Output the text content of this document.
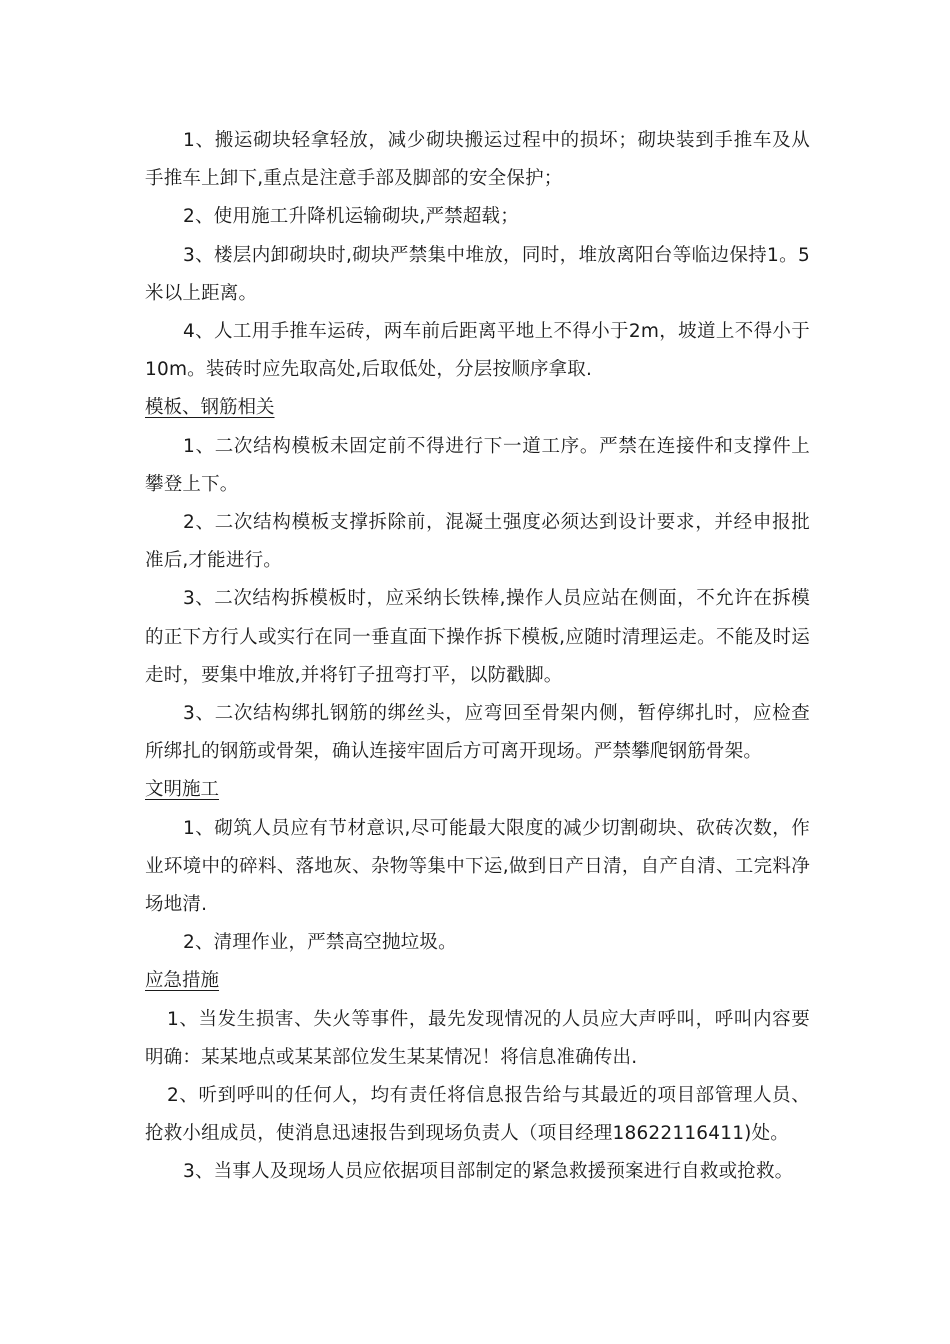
1、搬运砌块轻拿轻放，减少砌块搬运过程中的损坏；砌块装到手推车及从手推车上卸下,重点是注意手部及脚部的安全保护；

2、使用施工升降机运输砌块,严禁超载；

3、楼层内卸砌块时,砌块严禁集中堆放，同时，堆放离阳台等临边保持1。5米以上距离。

4、人工用手推车运砖，两车前后距离平地上不得小于2m，坡道上不得小于10m。装砖时应先取高处,后取低处，分层按顺序拿取.

模板、钢筋相关

1、二次结构模板未固定前不得进行下一道工序。严禁在连接件和支撑件上攀登上下。

2、二次结构模板支撑拆除前，混凝土强度必须达到设计要求，并经申报批准后,才能进行。

3、二次结构拆模板时，应采纳长铁棒,操作人员应站在侧面，不允许在拆模的正下方行人或实行在同一垂直面下操作拆下模板,应随时清理运走。不能及时运走时，要集中堆放,并将钉子扭弯打平，以防戳脚。

3、二次结构绑扎钢筋的绑丝头，应弯回至骨架内侧，暂停绑扎时，应检查所绑扎的钢筋或骨架，确认连接牢固后方可离开现场。严禁攀爬钢筋骨架。

文明施工

1、砌筑人员应有节材意识,尽可能最大限度的减少切割砌块、砍砖次数，作业环境中的碎料、落地灰、杂物等集中下运,做到日产日清，自产自清、工完料净场地清.

2、清理作业，严禁高空抛垃圾。

应急措施

1、当发生损害、失火等事件，最先发现情况的人员应大声呼叫，呼叫内容要明确：某某地点或某某部位发生某某情况！将信息准确传出.

2、听到呼叫的任何人，均有责任将信息报告给与其最近的项目部管理人员、抢救小组成员，使消息迅速报告到现场负责人（项目经理18622116411)处。

3、当事人及现场人员应依据项目部制定的紧急救援预案进行自救或抢救。
